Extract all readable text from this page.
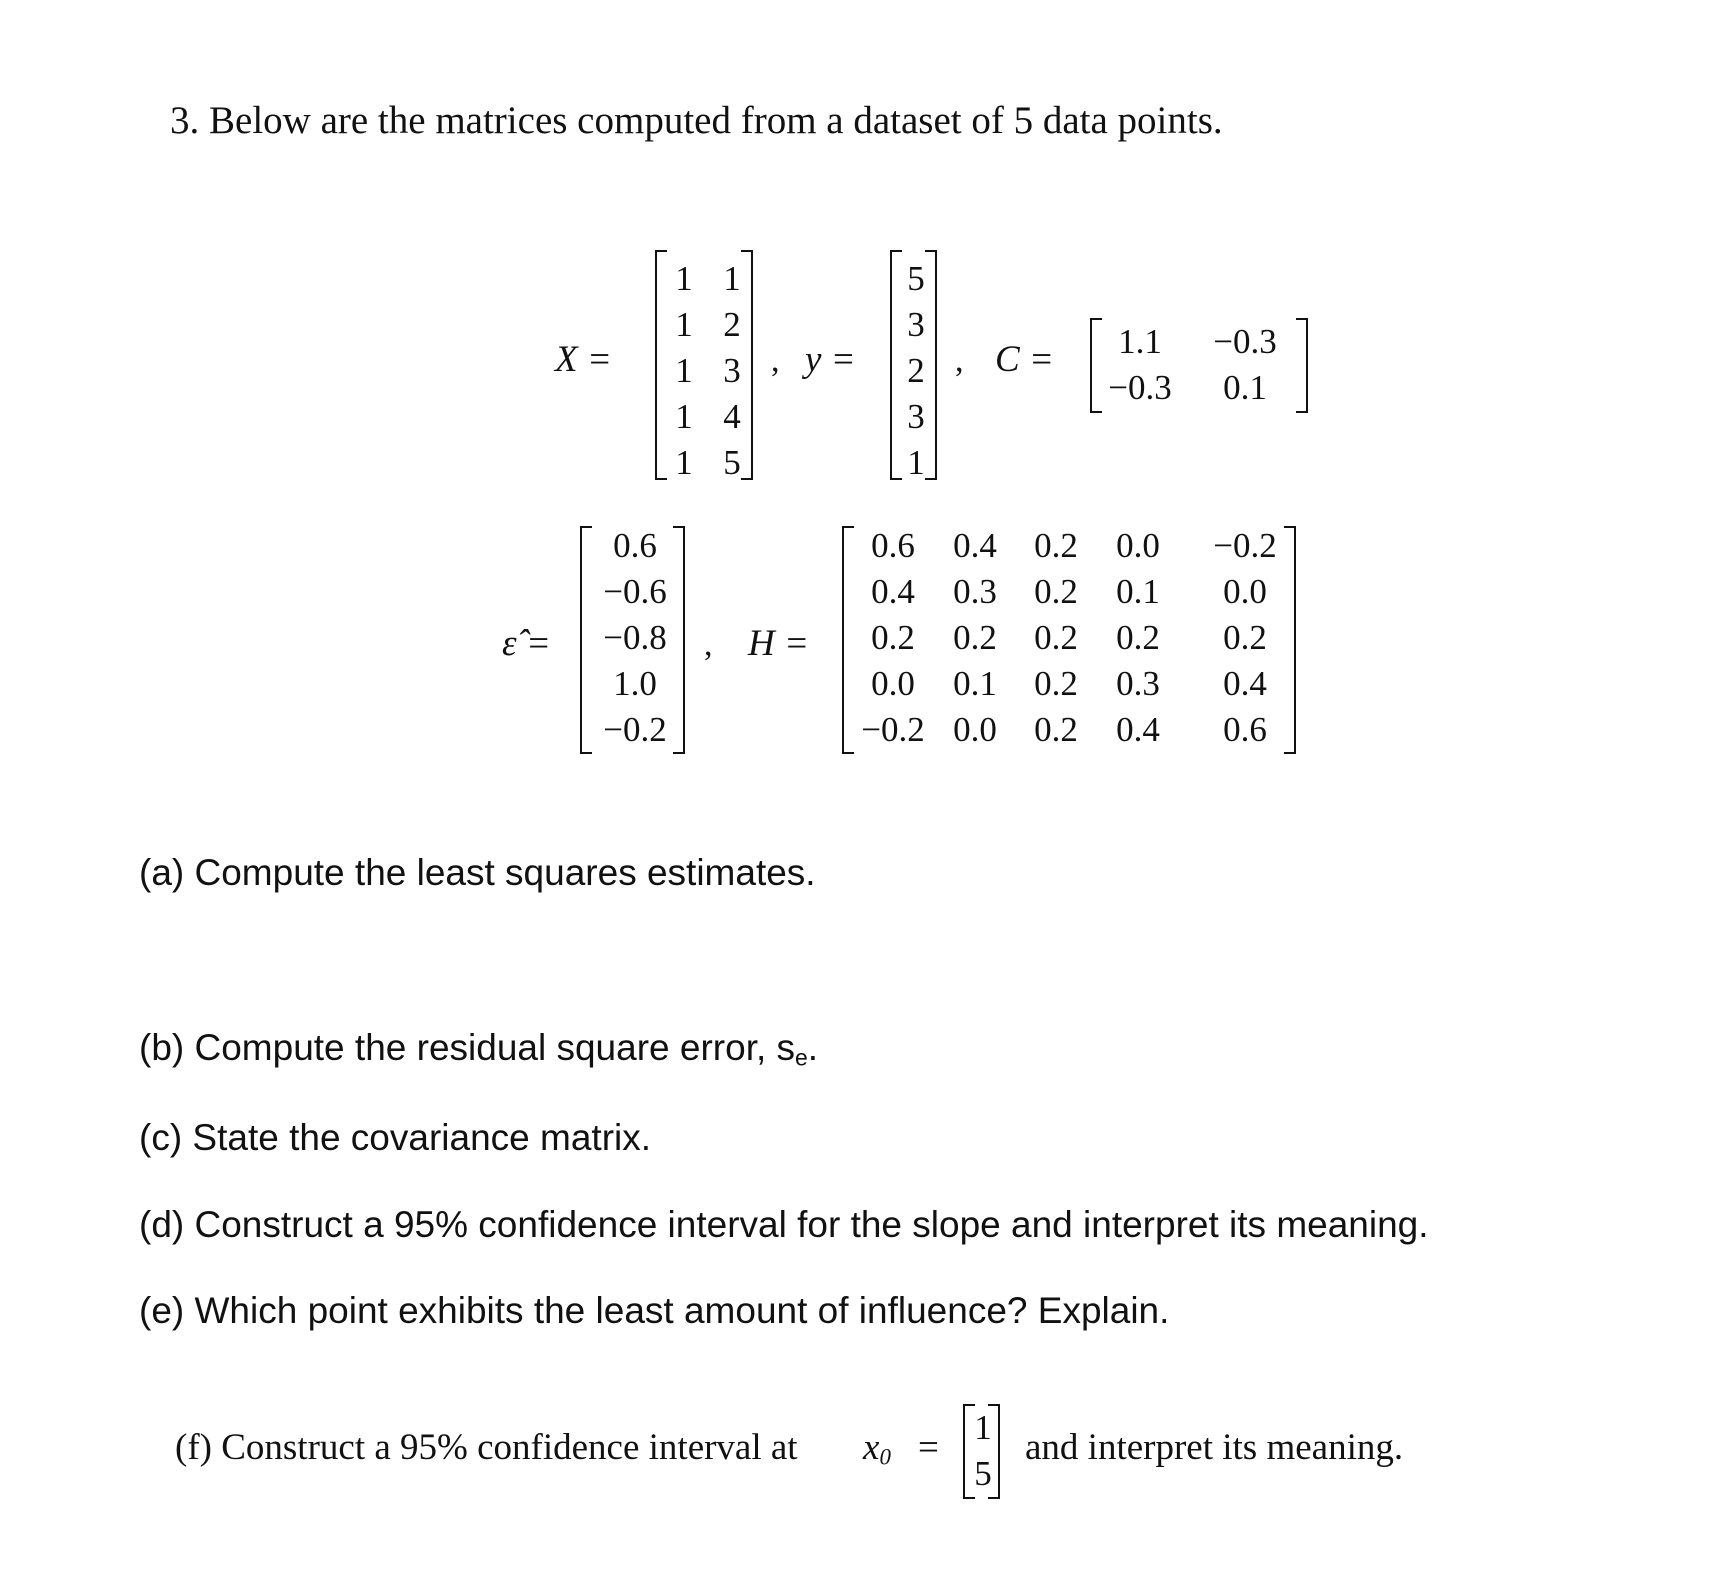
3. Below are the matrices computed from a dataset of 5 data points.
X =
1 1
1 2
1 3
1 4
1 5
, y =
5
3
2
3
1
, C =	1.1	−0.3
−0.3	0.1
ε̂ =
0.6
−0.6
−0.8
1.0
−0.2
, H =
0.6	0.4	0.2	0.0	−0.2
0.4	0.3	0.2	0.1	0.0
0.2	0.2	0.2	0.2	0.2
0.0	0.1	0.2	0.3	0.4
−0.2 0.0	0.2	0.4	0.6
(a) Compute the least squares estimates.
(b) Compute the residual square error, $s_e$.
(c) State the covariance matrix.
(d) Construct a 95% confidence interval for the slope and interpret its meaning.
(e) Which point exhibits the least amount of influence? Explain.
(f) Construct a 95% confidence interval at $x_0 = 1$
5
and interpret its meaning.
